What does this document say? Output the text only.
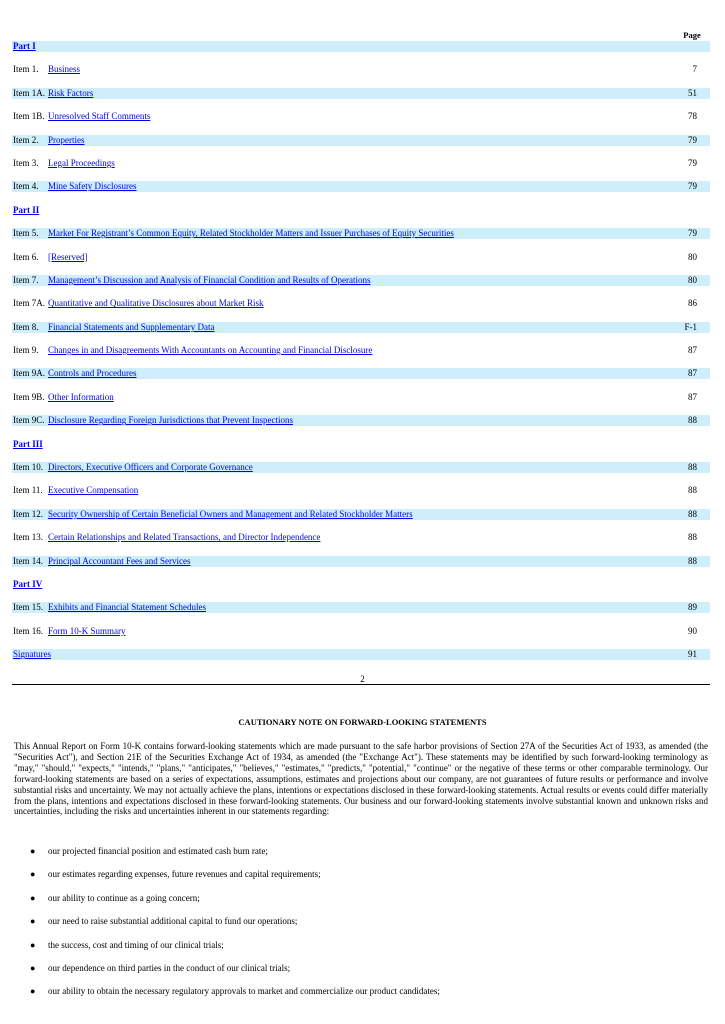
Page
Part I
Item 1. Business	7
Item 1A. Risk Factors	51
Item 1B. Unresolved Staff Comments	78
Item 2. Properties	79
Item 3. Legal Proceedings	79
Item 4. Mine Safety Disclosures	79
Part II
Item 5. Market For Registrant’s Common Equity, Related Stockholder Matters and Issuer Purchases of Equity Securities	79
Item 6. [Reserved]	80
Item 7. Management’s Discussion and Analysis of Financial Condition and Results of Operations	80
Item 7A. Quantitative and Qualitative Disclosures about Market Risk	86
Item 8. Financial Statements and Supplementary Data	F-1
Item 9. Changes in and Disagreements With Accountants on Accounting and Financial Disclosure	87
Item 9A. Controls and Procedures	87
Item 9B. Other Information	87
Item 9C. Disclosure Regarding Foreign Jurisdictions that Prevent Inspections	88
Part III
Item 10. Directors, Executive Officers and Corporate Governance	88
Item 11. Executive Compensation	88
Item 12. Security Ownership of Certain Beneficial Owners and Management and Related Stockholder Matters	88
Item 13. Certain Relationships and Related Transactions, and Director Independence	88
Item 14. Principal Accountant Fees and Services	88
Part IV
Item 15. Exhibits and Financial Statement Schedules	89
Item 16. Form 10-K Summary	90
Signatures	91
2
CAUTIONARY NOTE ON FORWARD-LOOKING STATEMENTS
This Annual Report on Form 10-K contains forward-looking statements which are made pursuant to the safe harbor provisions of Section 27A of the Securities Act of 1933, as amended (the "Securities Act"), and Section 21E of the Securities Exchange Act of 1934, as amended (the "Exchange Act"). These statements may be identified by such forward-looking terminology as "may," "should," "expects," "intends," "plans," "anticipates," "believes," "estimates," "predicts," "potential," "continue" or the negative of these terms or other comparable terminology. Our forward-looking statements are based on a series of expectations, assumptions, estimates and projections about our company, are not guarantees of future results or performance and involve substantial risks and uncertainty. We may not actually achieve the plans, intentions or expectations disclosed in these forward-looking statements. Actual results or events could differ materially from the plans, intentions and expectations disclosed in these forward-looking statements. Our business and our forward-looking statements involve substantial known and unknown risks and uncertainties, including the risks and uncertainties inherent in our statements regarding:
● our projected financial position and estimated cash burn rate;
● our estimates regarding expenses, future revenues and capital requirements;
● our ability to continue as a going concern;
● our need to raise substantial additional capital to fund our operations;
● the success, cost and timing of our clinical trials;
● our dependence on third parties in the conduct of our clinical trials;
● our ability to obtain the necessary regulatory approvals to market and commercialize our product candidates;
